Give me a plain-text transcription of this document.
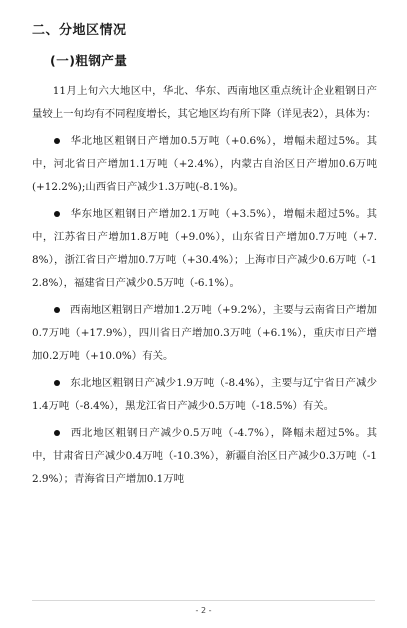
二、分地区情况
(一)粗钢产量

11月上旬六大地区中，华北、华东、西南地区重点统计企业粗钢日产量较上一旬均有不同程度增长，其它地区均有所下降（详见表2），具体为：

华北地区粗钢日产增加0.5万吨（+0.6%），增幅未超过5%。其中，河北省日产增加1.1万吨（+2.4%），内蒙古自治区日产增加0.6万吨(+12.2%);山西省日产减少1.3万吨(-8.1%)。

华东地区粗钢日产增加2.1万吨（+3.5%），增幅未超过5%。其中，江苏省日产增加1.8万吨（+9.0%），山东省日产增加0.7万吨（+7.8%），浙江省日产增加0.7万吨（+30.4%）；上海市日产减少0.6万吨（-12.8%），福建省日产减少0.5万吨（-6.1%）。

西南地区粗钢日产增加1.2万吨（+9.2%），主要与云南省日产增加0.7万吨（+17.9%），四川省日产增加0.3万吨（+6.1%），重庆市日产增加0.2万吨（+10.0%）有关。

东北地区粗钢日产减少1.9万吨（-8.4%），主要与辽宁省日产减少1.4万吨（-8.4%），黑龙江省日产减少0.5万吨（-18.5%）有关。

西北地区粗钢日产减少0.5万吨（-4.7%），降幅未超过5%。其中，甘肃省日产减少0.4万吨（-10.3%），新疆自治区日产减少0.3万吨（-12.9%）；青海省日产增加0.1万吨

- 2 -
